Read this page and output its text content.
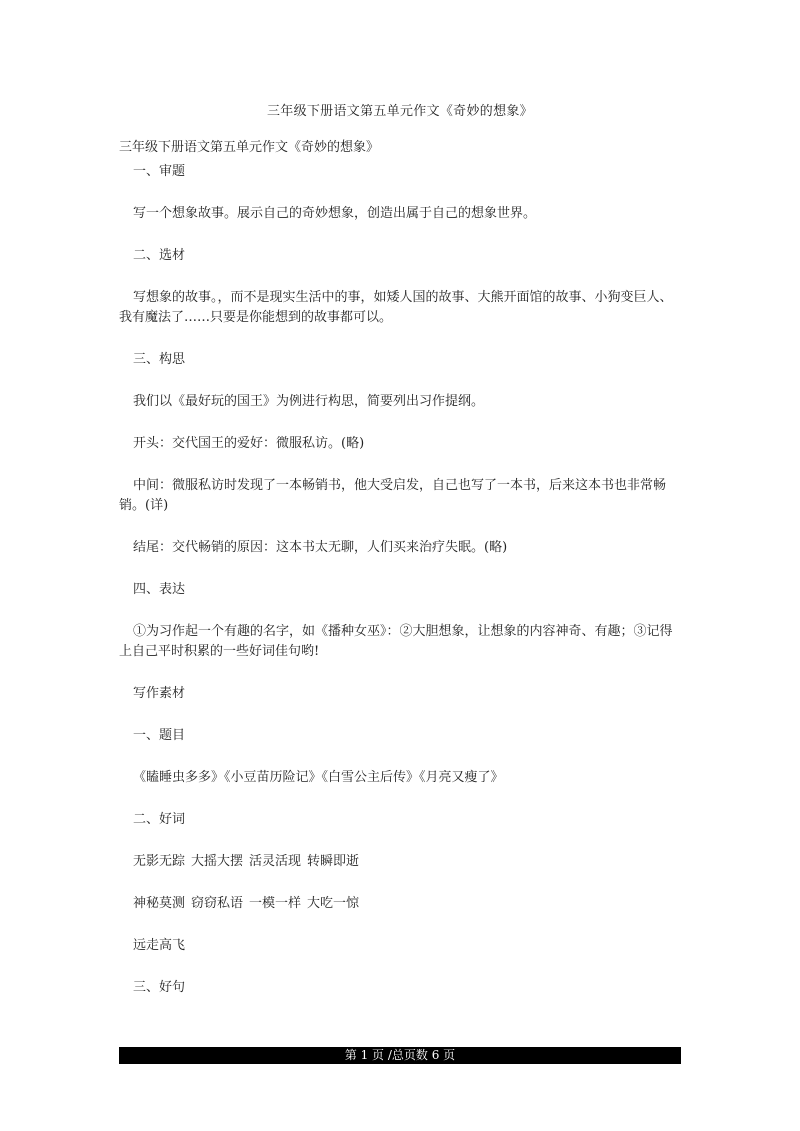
三年级下册语文第五单元作文《奇妙的想象》

三年级下册语文第五单元作文《奇妙的想象》

一、审题

写一个想象故事。展示自己的奇妙想象，创造出属于自己的想象世界。

二、选材

写想象的故事。，而不是现实生活中的事，如矮人国的故事、大熊开面馆的故事、小狗变巨人、我有魔法了……只要是你能想到的故事都可以。

三、构思

我们以《最好玩的国王》为例进行构思，简要列出习作提纲。

开头：交代国王的爱好：微服私访。(略)

中间：微服私访时发现了一本畅销书，他大受启发，自己也写了一本书，后来这本书也非常畅销。(详)

结尾：交代畅销的原因：这本书太无聊，人们买来治疗失眠。(略)

四、表达

①为习作起一个有趣的名字，如《播种女巫》：②大胆想象，让想象的内容神奇、有趣；③记得上自己平时积累的一些好词佳句哟!

写作素材

一、题目

《瞌睡虫多多》《小豆苗历险记》《白雪公主后传》《月亮又瘦了》

二、好词

无影无踪 大摇大摆 活灵活现 转瞬即逝

神秘莫测 窃窃私语 一模一样 大吃一惊

远走高飞

三、好句

第 1 页 /总页数 6 页
